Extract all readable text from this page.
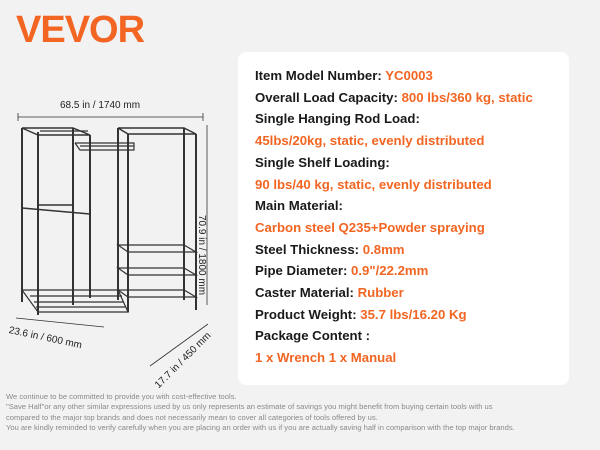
VEVOR
68.5 in / 1740 mm
70.9 in / 1800 mm
23.6 in / 600 mm	17.7 in / 450 mm
Item Model Number: YC0003
Overall Load Capacity: 800 lbs/360 kg, static
Single Hanging Rod Load:
45lbs/20kg, static, evenly distributed
Single Shelf Loading:
90 lbs/40 kg, static, evenly distributed
Main Material:
Carbon steel Q235+Powder spraying
Steel Thickness: 0.8mm
Pipe Diameter: 0.9"/22.2mm
Caster Material: Rubber
Product Weight: 35.7 lbs/16.20 Kg
Package Content :
1 x Wrench 1 x Manual
We continue to be committed to provide you with cost-effective tools.
"Save Half"or any other similar expressions used by us only represents an estimate of savings you might benefit from buying certain tools with us
compared to the major top brands and does not necessarily mean to cover all categories of tools offered by us.
You are kindly reminded to verify carefully when you are placing an order with us if you are actually saving half in comparison with the top major brands.
